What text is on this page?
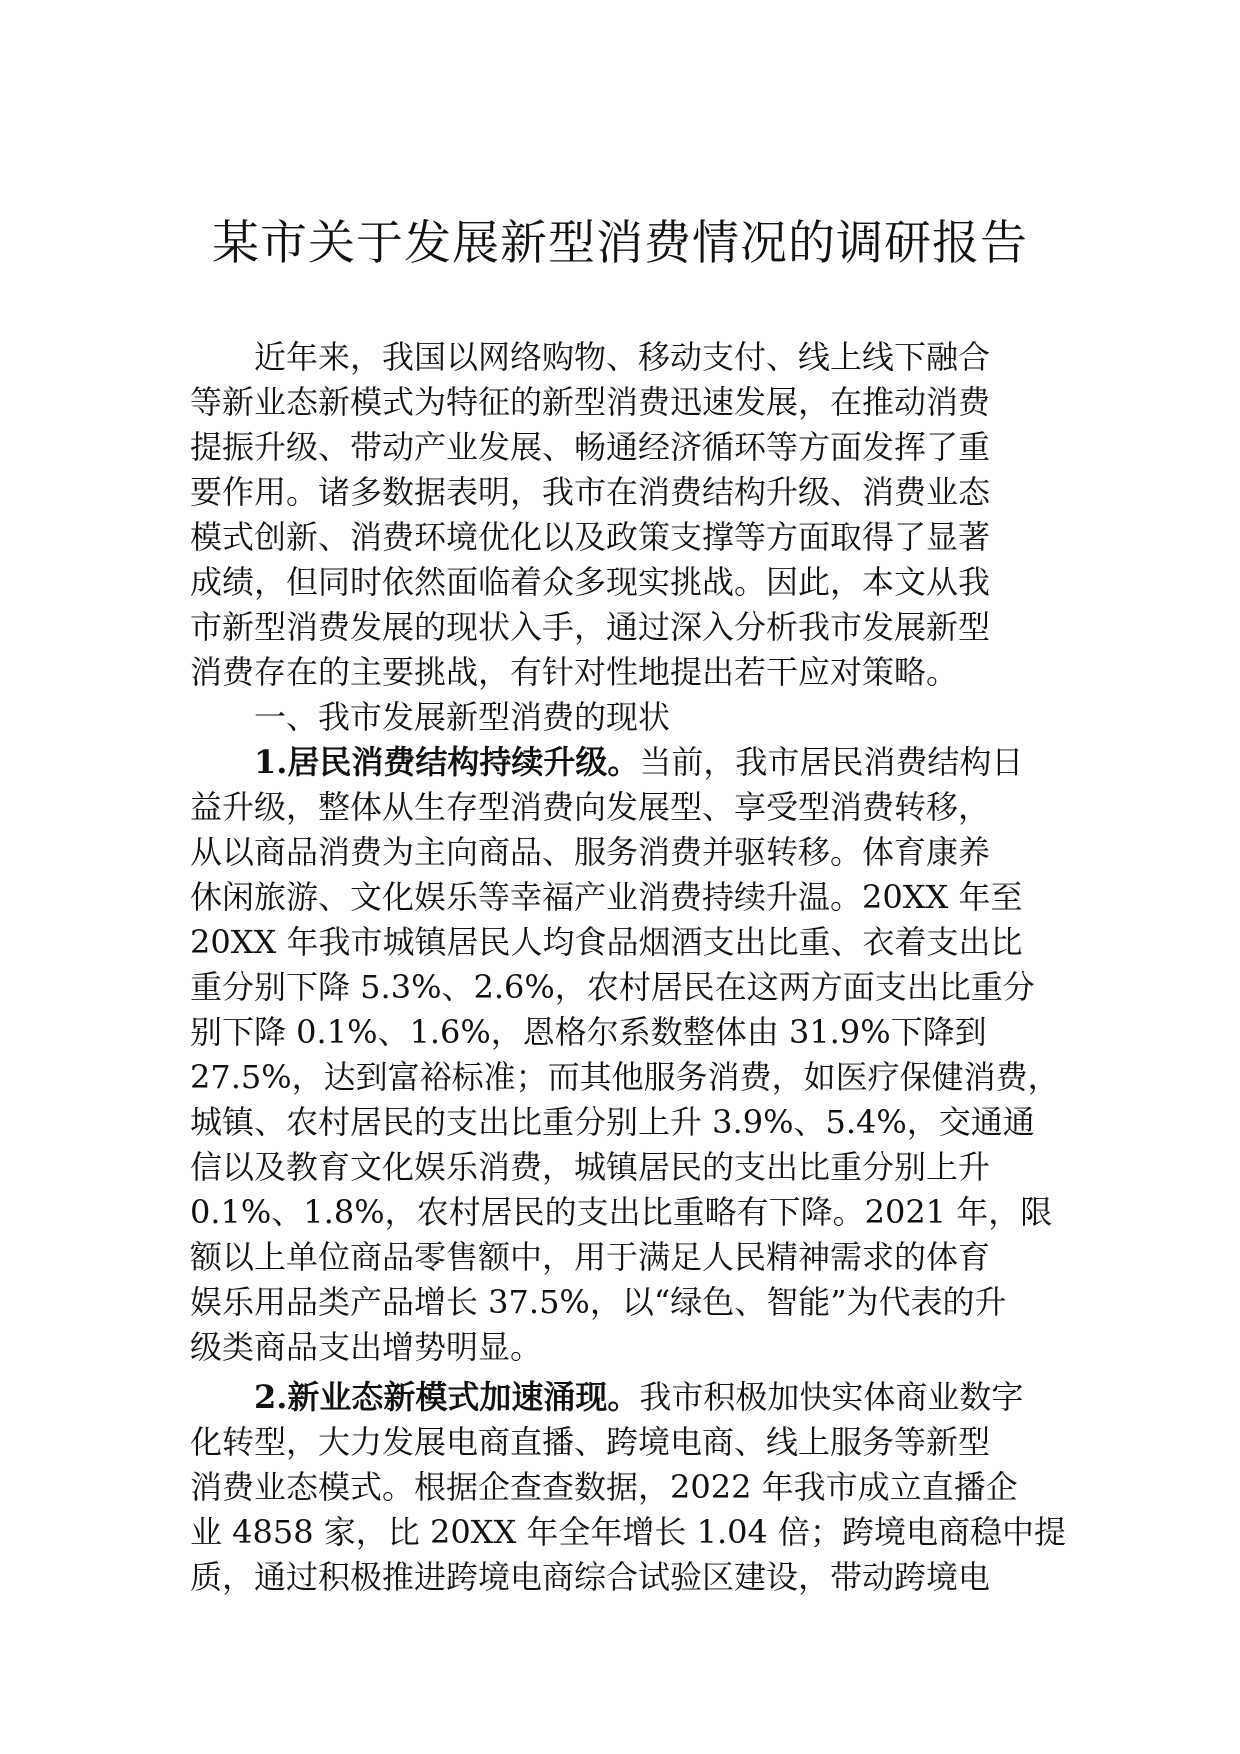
某市关于发展新型消费情况的调研报告
近年来，我国以网络购物、移动支付、线上线下融合
等新业态新模式为特征的新型消费迅速发展，在推动消费
提振升级、带动产业发展、畅通经济循环等方面发挥了重
要作用。诸多数据表明，我市在消费结构升级、消费业态
模式创新、消费环境优化以及政策支撑等方面取得了显著
成绩，但同时依然面临着众多现实挑战。因此，本文从我
市新型消费发展的现状入手，通过深入分析我市发展新型
消费存在的主要挑战，有针对性地提出若干应对策略。
一、我市发展新型消费的现状
1.居民消费结构持续升级。当前，我市居民消费结构日
益升级，整体从生存型消费向发展型、享受型消费转移，
从以商品消费为主向商品、服务消费并驱转移。体育康养
休闲旅游、文化娱乐等幸福产业消费持续升温。20XX 年至
20XX 年我市城镇居民人均食品烟酒支出比重、衣着支出比
重分别下降 5.3%、2.6%，农村居民在这两方面支出比重分
别下降 0.1%、1.6%，恩格尔系数整体由 31.9%下降到
27.5%，达到富裕标准；而其他服务消费，如医疗保健消费，
城镇、农村居民的支出比重分别上升 3.9%、5.4%，交通通
信以及教育文化娱乐消费，城镇居民的支出比重分别上升
0.1%、1.8%，农村居民的支出比重略有下降。2021 年，限
额以上单位商品零售额中，用于满足人民精神需求的体育
娱乐用品类产品增长 37.5%，以“绿色、智能”为代表的升
级类商品支出增势明显。
2.新业态新模式加速涌现。我市积极加快实体商业数字
化转型，大力发展电商直播、跨境电商、线上服务等新型
消费业态模式。根据企查查数据，2022 年我市成立直播企
业 4858 家，比 20XX 年全年增长 1.04 倍；跨境电商稳中提
质，通过积极推进跨境电商综合试验区建设，带动跨境电
